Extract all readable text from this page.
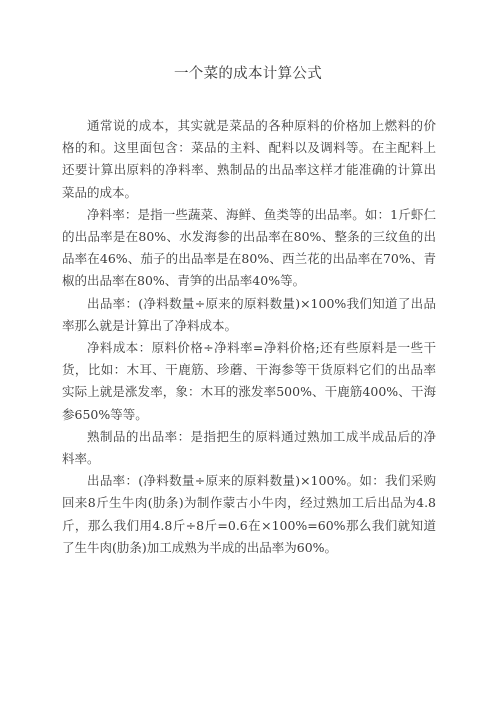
一个菜的成本计算公式

通常说的成本，其实就是菜品的各种原料的价格加上燃料的价格的和。这里面包含：菜品的主料、配料以及调料等。在主配料上还要计算出原料的净料率、熟制品的出品率这样才能准确的计算出菜品的成本。

净料率：是指一些蔬菜、海鲜、鱼类等的出品率。如：1斤虾仁的出品率是在80%、水发海参的出品率在80%、整条的三纹鱼的出品率在46%、茄子的出品率是在80%、西兰花的出品率在70%、青椒的出品率在80%、青笋的出品率40%等。

出品率：(净料数量÷原来的原料数量)×100%我们知道了出品率那么就是计算出了净料成本。

净料成本：原料价格÷净料率=净料价格;还有些原料是一些干货，比如：木耳、干鹿筋、珍蘑、干海参等干货原料它们的出品率实际上就是涨发率，象：木耳的涨发率500%、干鹿筋400%、干海参650%等等。

熟制品的出品率：是指把生的原料通过熟加工成半成品后的净料率。

出品率：(净料数量÷原来的原料数量)×100%。如：我们采购回来8斤生牛肉(肋条)为制作蒙古小牛肉，经过熟加工后出品为4.8斤，那么我们用4.8斤÷8斤=0.6在×100%=60%那么我们就知道了生牛肉(肋条)加工成熟为半成的出品率为60%。
